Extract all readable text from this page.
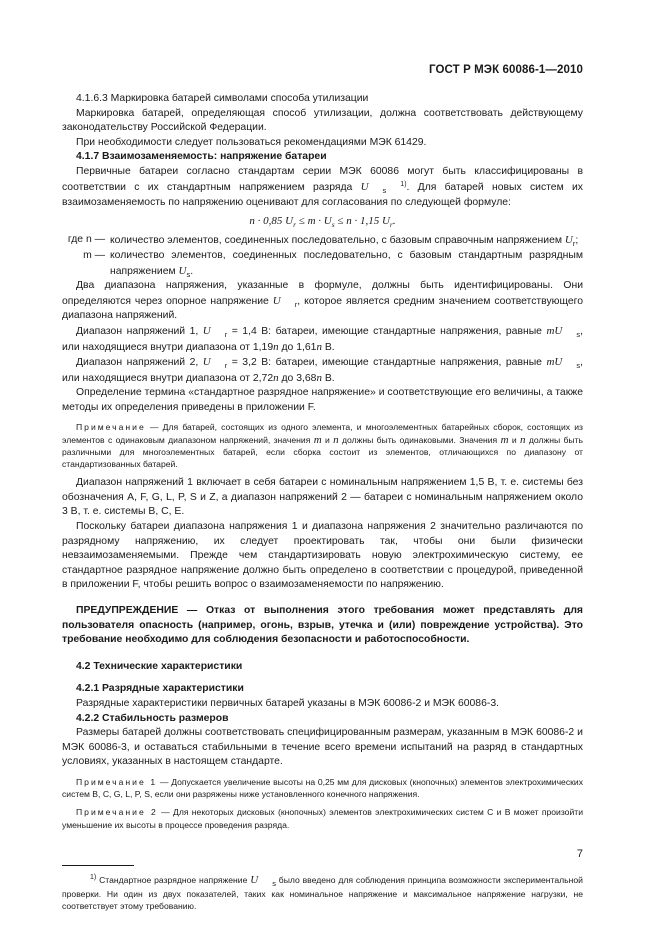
ГОСТ Р МЭК 60086-1—2010

4.1.6.3 Маркировка батарей символами способа утилизации

Маркировка батарей, определяющая способ утилизации, должна соответствовать действующему законодательству Российской Федерации.

При необходимости следует пользоваться рекомендациями МЭК 61429.

4.1.7 Взаимозаменяемость: напряжение батареи

Первичные батареи согласно стандартам серии МЭК 60086 могут быть классифицированы в соответствии с их стандартным напряжением разряда U s1). Для батарей новых систем их взаимозаменяемость по напряжению оценивают для согласования по следующей формуле:

n · 0,85 Ur ≤ m · Us ≤ n · 1,15 Ur.
где n — количество элементов, соединенных последовательно, с базовым справочным напряжением Ur;
m — количество элементов, соединенных последовательно, с базовым стандартным разрядным напряжением Us.

Два диапазона напряжения, указанные в формуле, должны быть идентифицированы. Они определяются через опорное напряжение U r, которое является средним значением соответствующего диапазона напряжений.

Диапазон напряжений 1, U r = 1,4 В: батареи, имеющие стандартные напряжения, равные mU s, или находящиеся внутри диапазона от 1,19n до 1,61n В.

Диапазон напряжений 2, U r = 3,2 В: батареи, имеющие стандартные напряжения, равные mU s, или находящиеся внутри диапазона от 2,72n до 3,68n В.

Определение термина «стандартное разрядное напряжение» и соответствующие его величины, а также методы их определения приведены в приложении F.

Примечание — Для батарей, состоящих из одного элемента, и многоэлементных батарейных сборок, состоящих из элементов с одинаковым диапазоном напряжений, значения m и n должны быть одинаковыми. Значения m и n должны быть различными для многоэлементных батарей, если сборка состоит из элементов, отличающихся по диапазону от стандартизованных батарей.

Диапазон напряжений 1 включает в себя батареи с номинальным напряжением 1,5 В, т. е. системы без обозначения A, F, G, L, P, S и Z, а диапазон напряжений 2 — батареи с номинальным напряжением около 3 В, т. е. системы В, С, Е.

Поскольку батареи диапазона напряжения 1 и диапазона напряжения 2 значительно различаются по разрядному напряжению, их следует проектировать так, чтобы они были физически невзаимозаменяемыми. Прежде чем стандартизировать новую электрохимическую систему, ее стандартное разрядное напряжение должно быть определено в соответствии с процедурой, приведенной в приложении F, чтобы решить вопрос о взаимозаменяемости по напряжению.

ПРЕДУПРЕЖДЕНИЕ — Отказ от выполнения этого требования может представлять для пользователя опасность (например, огонь, взрыв, утечка и (или) повреждение устройства). Это требование необходимо для соблюдения безопасности и работоспособности.

4.2 Технические характеристики

4.2.1 Разрядные характеристики

Разрядные характеристики первичных батарей указаны в МЭК 60086-2 и МЭК 60086-3.

4.2.2 Стабильность размеров

Размеры батарей должны соответствовать специфицированным размерам, указанным в МЭК 60086-2 и МЭК 60086-3, и оставаться стабильными в течение всего времени испытаний на разряд в стандартных условиях, указанных в настоящем стандарте.

Примечание 1 — Допускается увеличение высоты на 0,25 мм для дисковых (кнопочных) элементов электрохимических систем B, C, G, L, P, S, если они разряжены ниже установленного конечного напряжения.

Примечание 2 — Для некоторых дисковых (кнопочных) элементов электрохимических систем С и В может произойти уменьшение их высоты в процессе проведения разряда.

1) Стандартное разрядное напряжение U s было введено для соблюдения принципа возможности экспериментальной проверки. Ни один из двух показателей, таких как номинальное напряжение и максимальное напряжение нагрузки, не соответствует этому требованию.

7
